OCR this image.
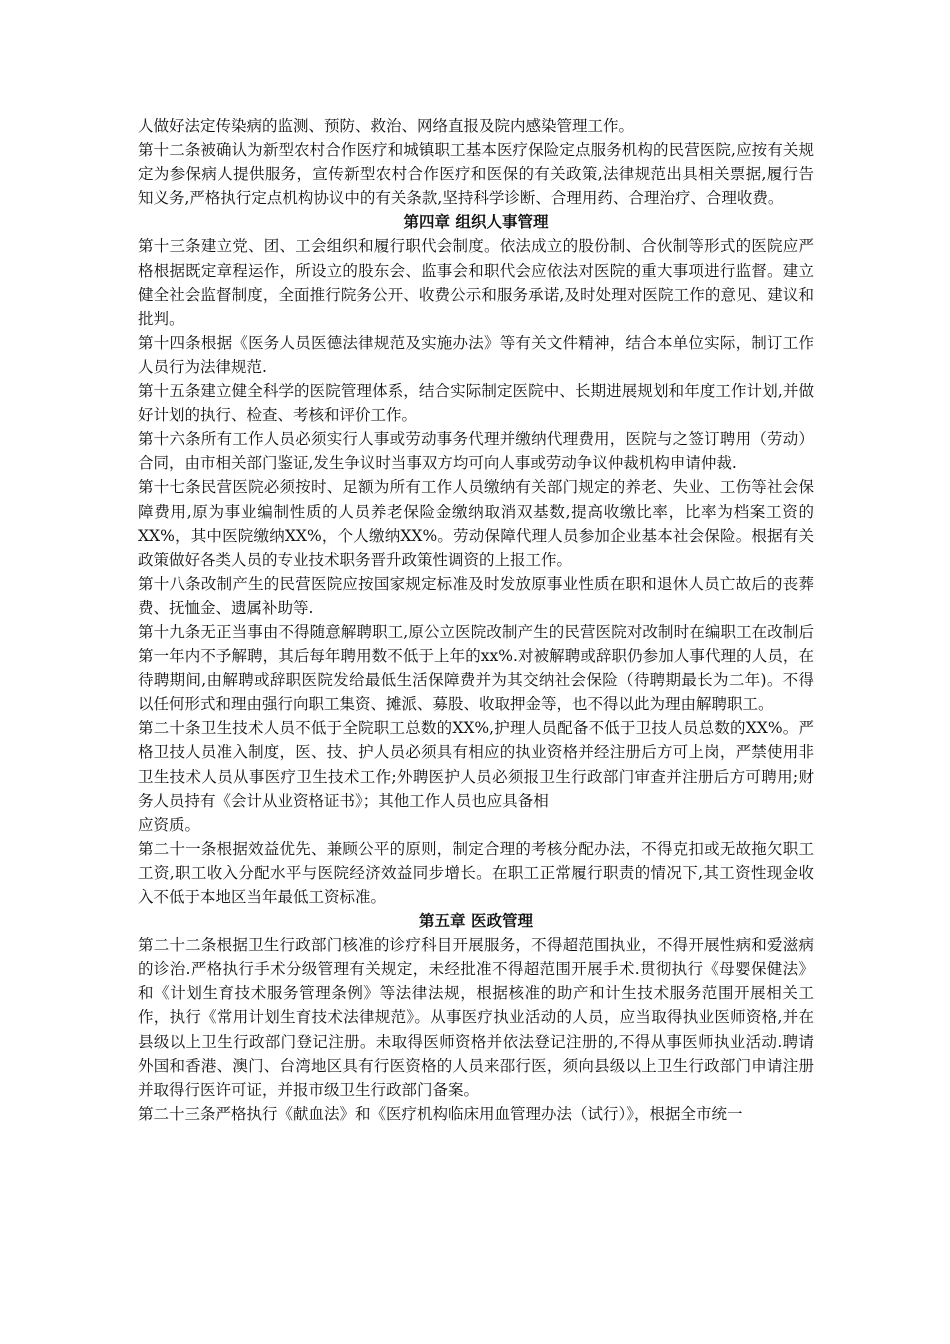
人做好法定传染病的监测、预防、救治、网络直报及院内感染管理工作。

第十二条被确认为新型农村合作医疗和城镇职工基本医疗保险定点服务机构的民营医院,应按有关规定为参保病人提供服务，宣传新型农村合作医疗和医保的有关政策,法律规范出具相关票据,履行告知义务,严格执行定点机构协议中的有关条款,坚持科学诊断、合理用药、合理治疗、合理收费。

第四章 组织人事管理

第十三条建立党、团、工会组织和履行职代会制度。依法成立的股份制、合伙制等形式的医院应严格根据既定章程运作，所设立的股东会、监事会和职代会应依法对医院的重大事项进行监督。建立健全社会监督制度，全面推行院务公开、收费公示和服务承诺,及时处理对医院工作的意见、建议和批判。

第十四条根据《医务人员医德法律规范及实施办法》等有关文件精神，结合本单位实际，制订工作人员行为法律规范.

第十五条建立健全科学的医院管理体系，结合实际制定医院中、长期进展规划和年度工作计划,并做好计划的执行、检查、考核和评价工作。

第十六条所有工作人员必须实行人事或劳动事务代理并缴纳代理费用，医院与之签订聘用（劳动）合同，由市相关部门鉴证,发生争议时当事双方均可向人事或劳动争议仲裁机构申请仲裁.

第十七条民营医院必须按时、足额为所有工作人员缴纳有关部门规定的养老、失业、工伤等社会保障费用,原为事业编制性质的人员养老保险金缴纳取消双基数,提高收缴比率，比率为档案工资的XX%，其中医院缴纳XX%，个人缴纳XX%。劳动保障代理人员参加企业基本社会保险。根据有关政策做好各类人员的专业技术职务晋升政策性调资的上报工作。

第十八条改制产生的民营医院应按国家规定标准及时发放原事业性质在职和退休人员亡故后的丧葬费、抚恤金、遗属补助等.

第十九条无正当事由不得随意解聘职工,原公立医院改制产生的民营医院对改制时在编职工在改制后第一年内不予解聘，其后每年聘用数不低于上年的xx%.对被解聘或辞职仍参加人事代理的人员，在待聘期间,由解聘或辞职医院发给最低生活保障费并为其交纳社会保险（待聘期最长为二年)。不得以任何形式和理由强行向职工集资、摊派、募股、收取押金等，也不得以此为理由解聘职工。

第二十条卫生技术人员不低于全院职工总数的XX%,护理人员配备不低于卫技人员总数的XX%。严格卫技人员准入制度，医、技、护人员必须具有相应的执业资格并经注册后方可上岗，严禁使用非卫生技术人员从事医疗卫生技术工作;外聘医护人员必须报卫生行政部门审查并注册后方可聘用;财务人员持有《会计从业资格证书》；其他工作人员也应具备相

应资质。

第二十一条根据效益优先、兼顾公平的原则，制定合理的考核分配办法，不得克扣或无故拖欠职工工资,职工收入分配水平与医院经济效益同步增长。在职工正常履行职责的情况下,其工资性现金收入不低于本地区当年最低工资标准。

第五章 医政管理

第二十二条根据卫生行政部门核准的诊疗科目开展服务，不得超范围执业，不得开展性病和爱滋病的诊治.严格执行手术分级管理有关规定，未经批准不得超范围开展手术.贯彻执行《母婴保健法》和《计划生育技术服务管理条例》等法律法规，根据核准的助产和计生技术服务范围开展相关工作，执行《常用计划生育技术法律规范》。从事医疗执业活动的人员，应当取得执业医师资格,并在县级以上卫生行政部门登记注册。未取得医师资格并依法登记注册的,不得从事医师执业活动.聘请外国和香港、澳门、台湾地区具有行医资格的人员来邵行医，须向县级以上卫生行政部门申请注册并取得行医许可证，并报市级卫生行政部门备案。

第二十三条严格执行《献血法》和《医疗机构临床用血管理办法（试行）》，根据全市统一
